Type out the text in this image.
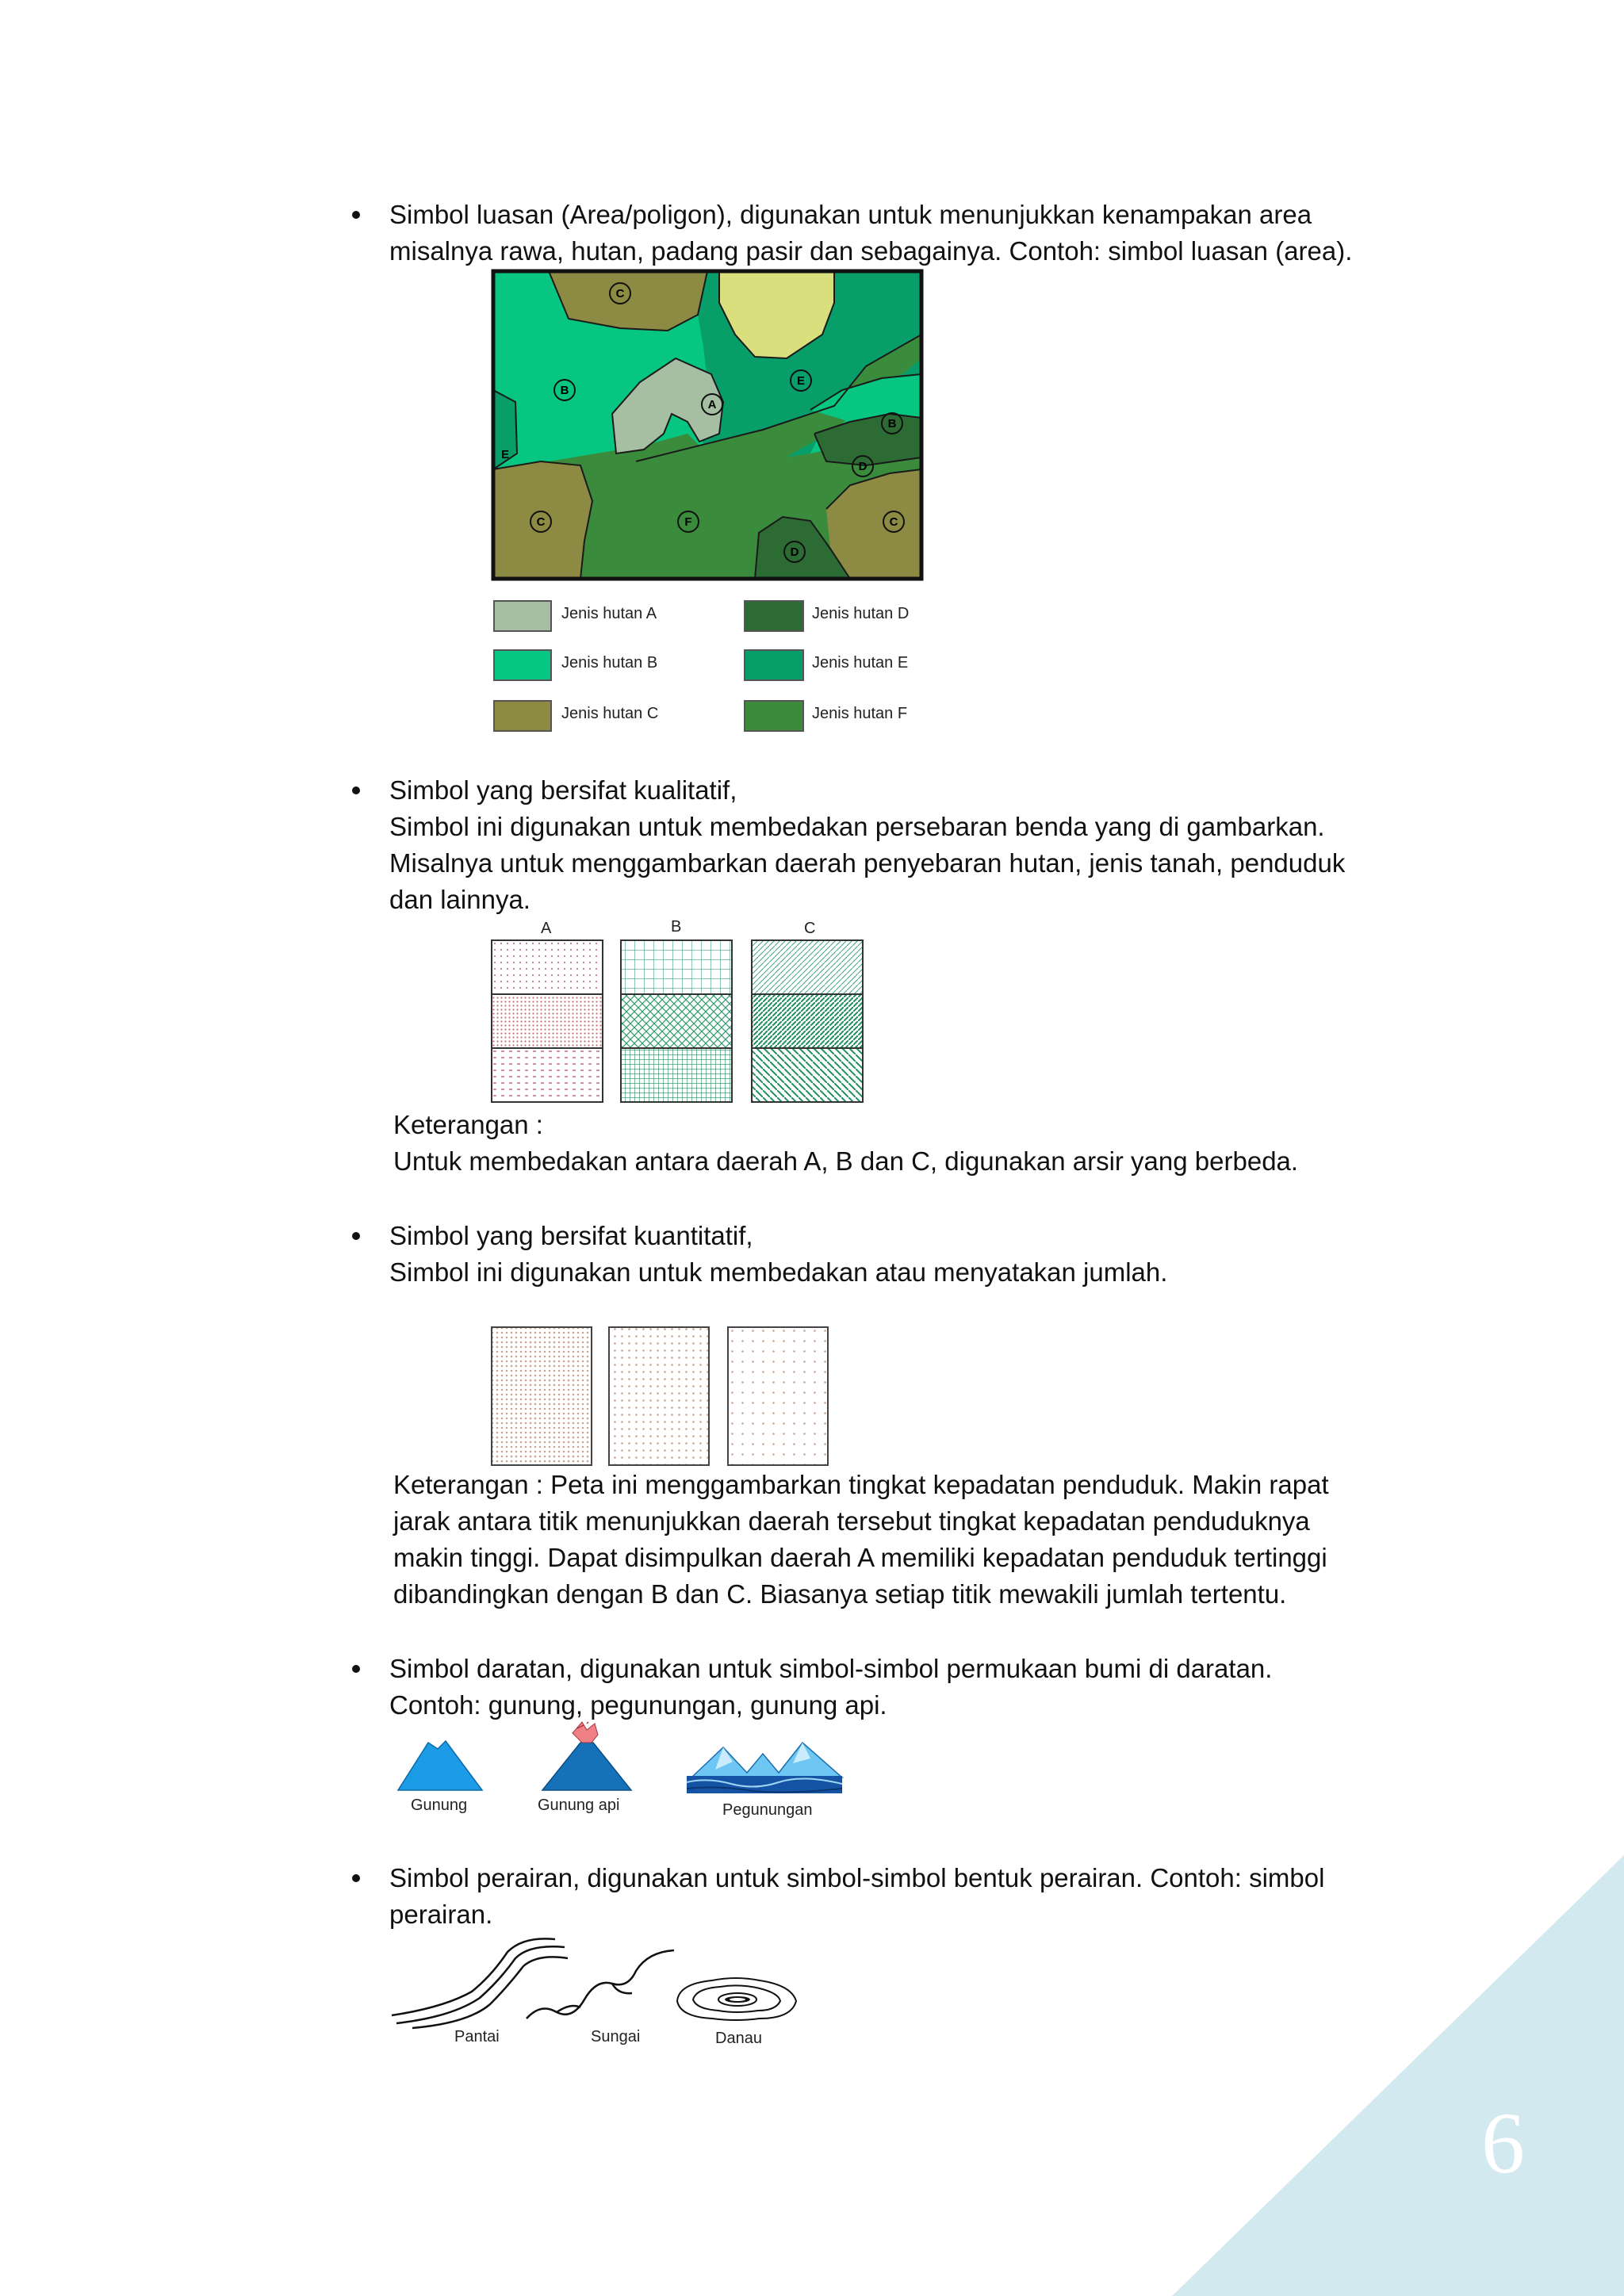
6
Simbol luasan (Area/poligon), digunakan untuk menunjukkan kenampakan area
misalnya rawa, hutan, padang pasir dan sebagainya. Contoh: simbol luasan (area).
C
B
A
E
B
E
D
C	F	C
D
Jenis hutan A
Jenis hutan B
Jenis hutan C
Jenis hutan D
Jenis hutan E
Jenis hutan F
Simbol yang bersifat kualitatif,
Simbol ini digunakan untuk membedakan persebaran benda yang di gambarkan.
Misalnya untuk menggambarkan daerah penyebaran hutan, jenis tanah, penduduk
dan lainnya.
A	B	C
Keterangan :
Untuk membedakan antara daerah A, B dan C, digunakan arsir yang berbeda.
Simbol yang bersifat kuantitatif,
Simbol ini digunakan untuk membedakan atau menyatakan jumlah.
Keterangan : Peta ini menggambarkan tingkat kepadatan penduduk. Makin rapat
jarak antara titik menunjukkan daerah tersebut tingkat kepadatan penduduknya
makin tinggi. Dapat disimpulkan daerah A memiliki kepadatan penduduk tertinggi
dibandingkan dengan B dan C. Biasanya setiap titik mewakili jumlah tertentu.
Simbol daratan, digunakan untuk simbol-simbol permukaan bumi di daratan.
Contoh: gunung, pegunungan, gunung api.
Gunung	Gunung api	Pegunungan
Simbol perairan, digunakan untuk simbol-simbol bentuk perairan. Contoh: simbol
perairan.
Pantai	Sungai	Danau
